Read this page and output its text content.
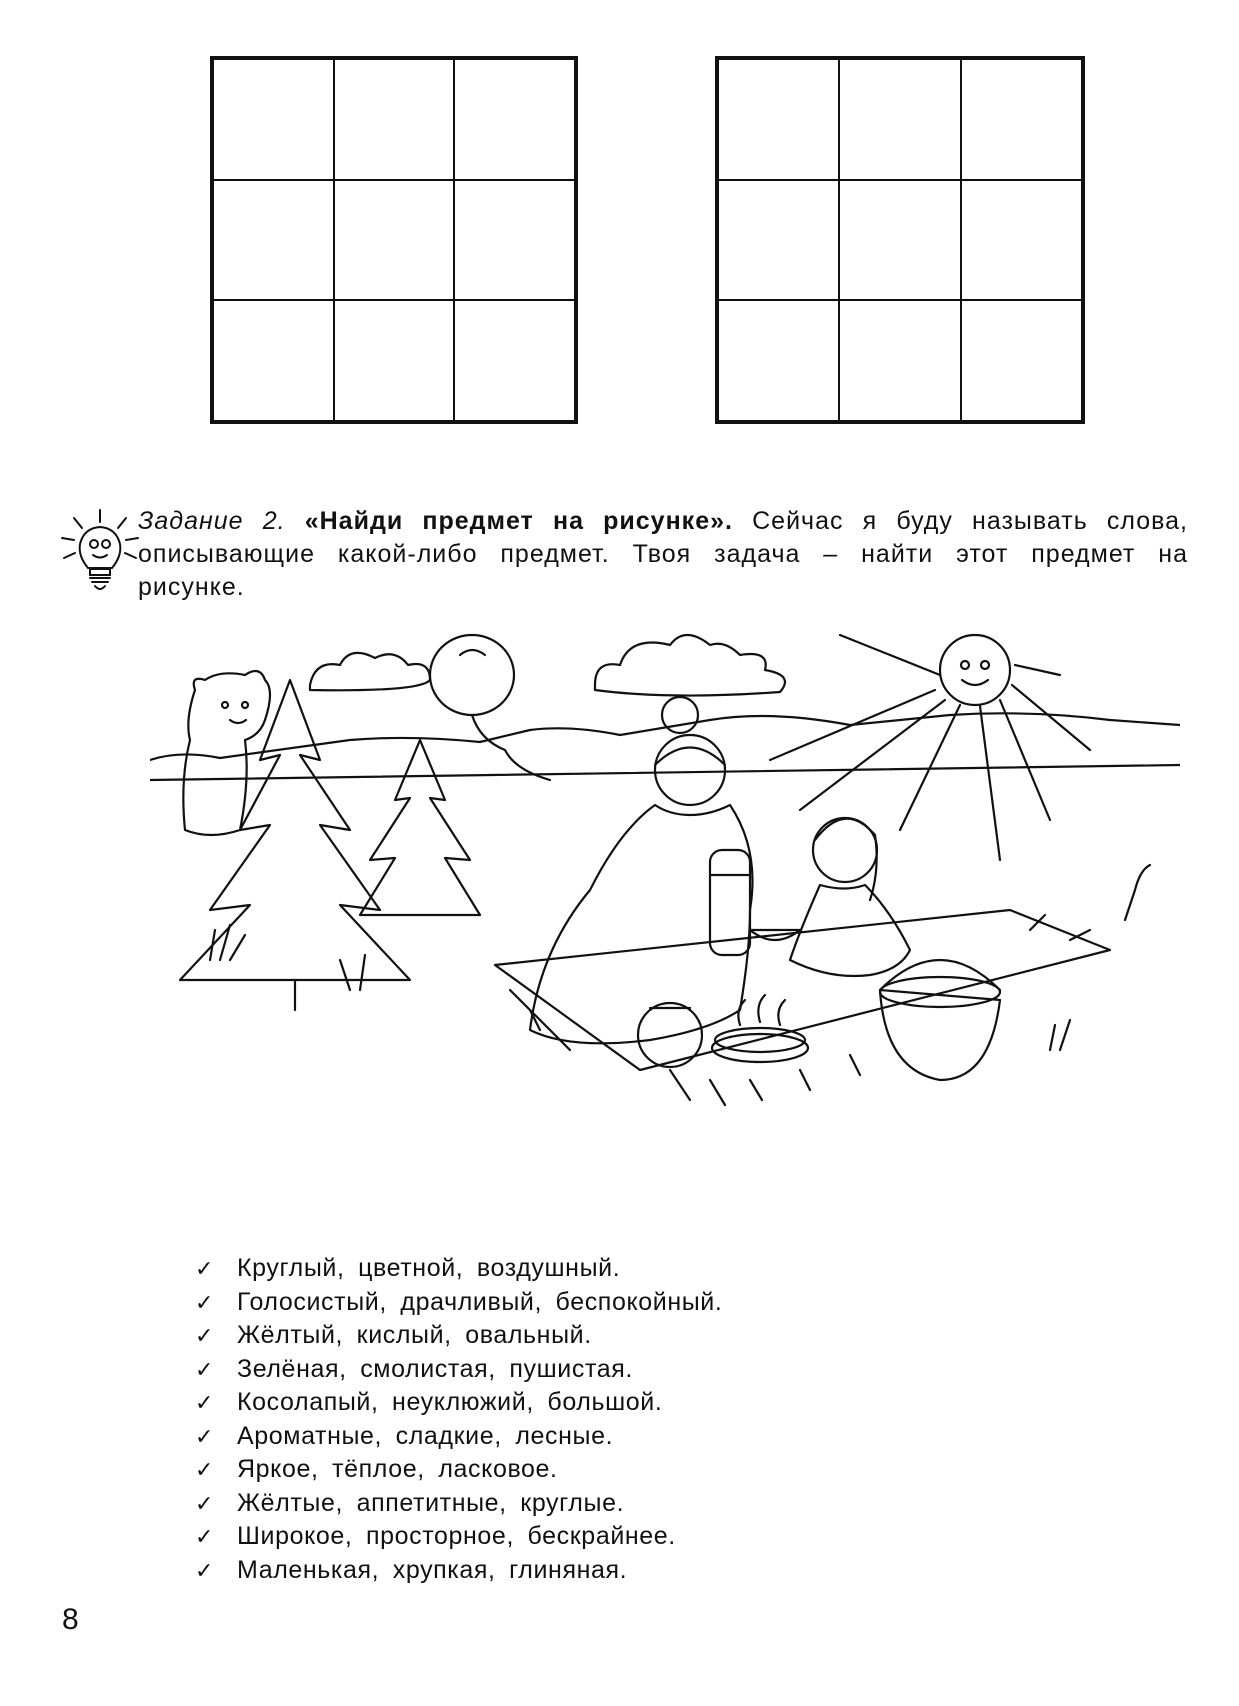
Задание 2. «Найди предмет на рисунке». Сейчас я буду называть слова, описывающие какой-либо предмет. Твоя задача – найти этот предмет на рисунке.
✓ Круглый, цветной, воздушный.
✓ Голосистый, драчливый, беспокойный.
✓ Жёлтый, кислый, овальный.
✓ Зелёная, смолистая, пушистая.
✓ Косолапый, неуклюжий, большой.
✓ Ароматные, сладкие, лесные.
✓ Яркое, тёплое, ласковое.
✓ Жёлтые, аппетитные, круглые.
✓ Широкое, просторное, бескрайнее.
✓ Маленькая, хрупкая, глиняная.
8
